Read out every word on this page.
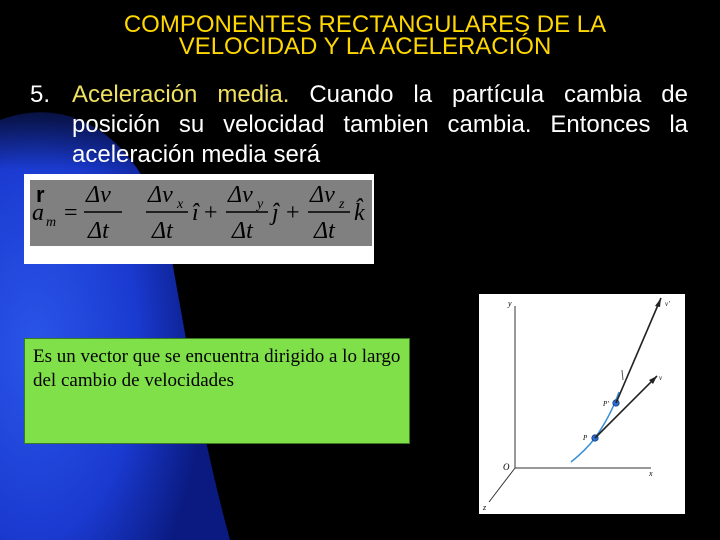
COMPONENTES RECTANGULARES DE LA
VELOCIDAD Y LA ACELERACIÓN
5. Aceleración media. Cuando la partícula cambia de posición su velocidad tambien cambia. Entonces la aceleración media será
r
a m =
Δv
Δt
Δv x
Δt
î +
Δv y
Δt
ĵ +
Δv z
Δt
k̂
Es un vector que se encuentra dirigido a lo largo del cambio de velocidades
y
x
z
O
P
P'
v
v'
